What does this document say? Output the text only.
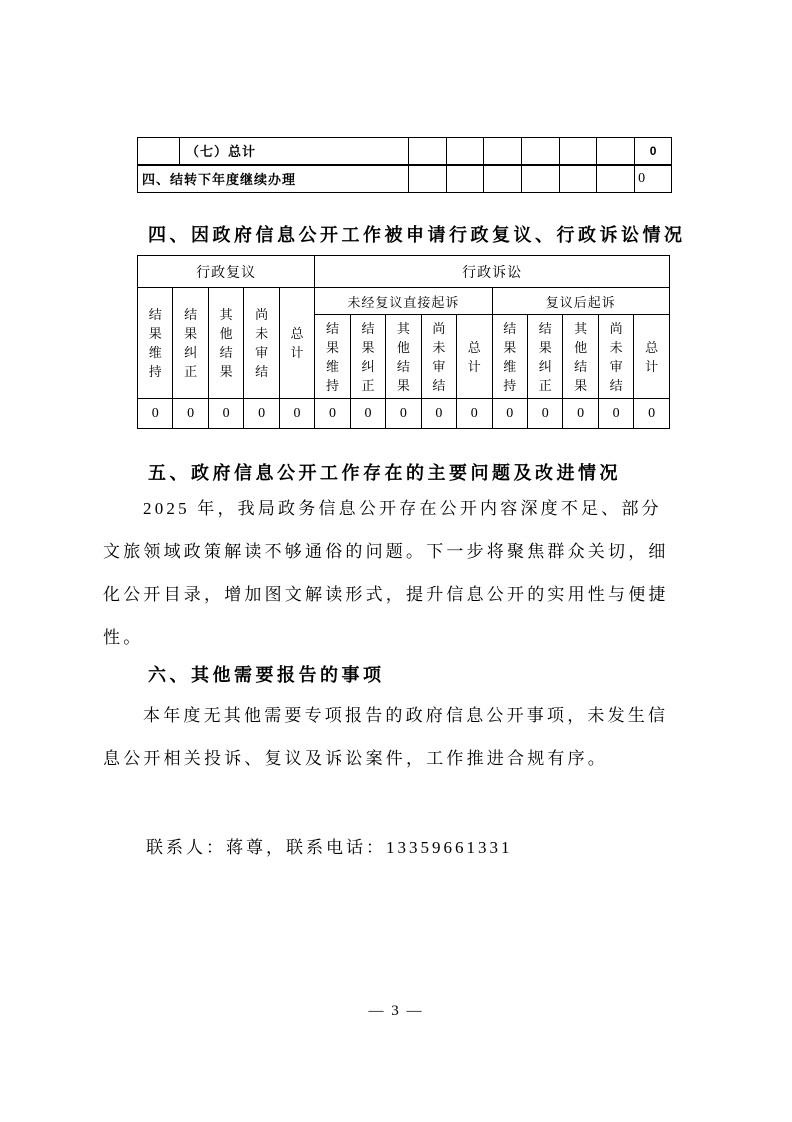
	（七）总计							0
四、结转下年度继续办理								0
四、因政府信息公开工作被申请行政复议、行政诉讼情况
行政复议					行政诉讼									

结果维持	结果纠正	其他结果	尚未审结	总计	未经复议直接起诉					复议后起诉				

					结果维持	结果纠正	其他结果	尚未审结	总计	结果维持	结果纠正	其他结果	尚未审结	总计

0	0	0	0	0	0	0	0	0	0	0	0	0	0	0
五、政府信息公开工作存在的主要问题及改进情况
2025 年，我局政务信息公开存在公开内容深度不足、部分
文旅领域政策解读不够通俗的问题。下一步将聚焦群众关切，细
化公开目录，增加图文解读形式，提升信息公开的实用性与便捷
性。
六、其他需要报告的事项
本年度无其他需要专项报告的政府信息公开事项，未发生信
息公开相关投诉、复议及诉讼案件，工作推进合规有序。
联系人：蒋尊，联系电话：13359661331
— 3 —
